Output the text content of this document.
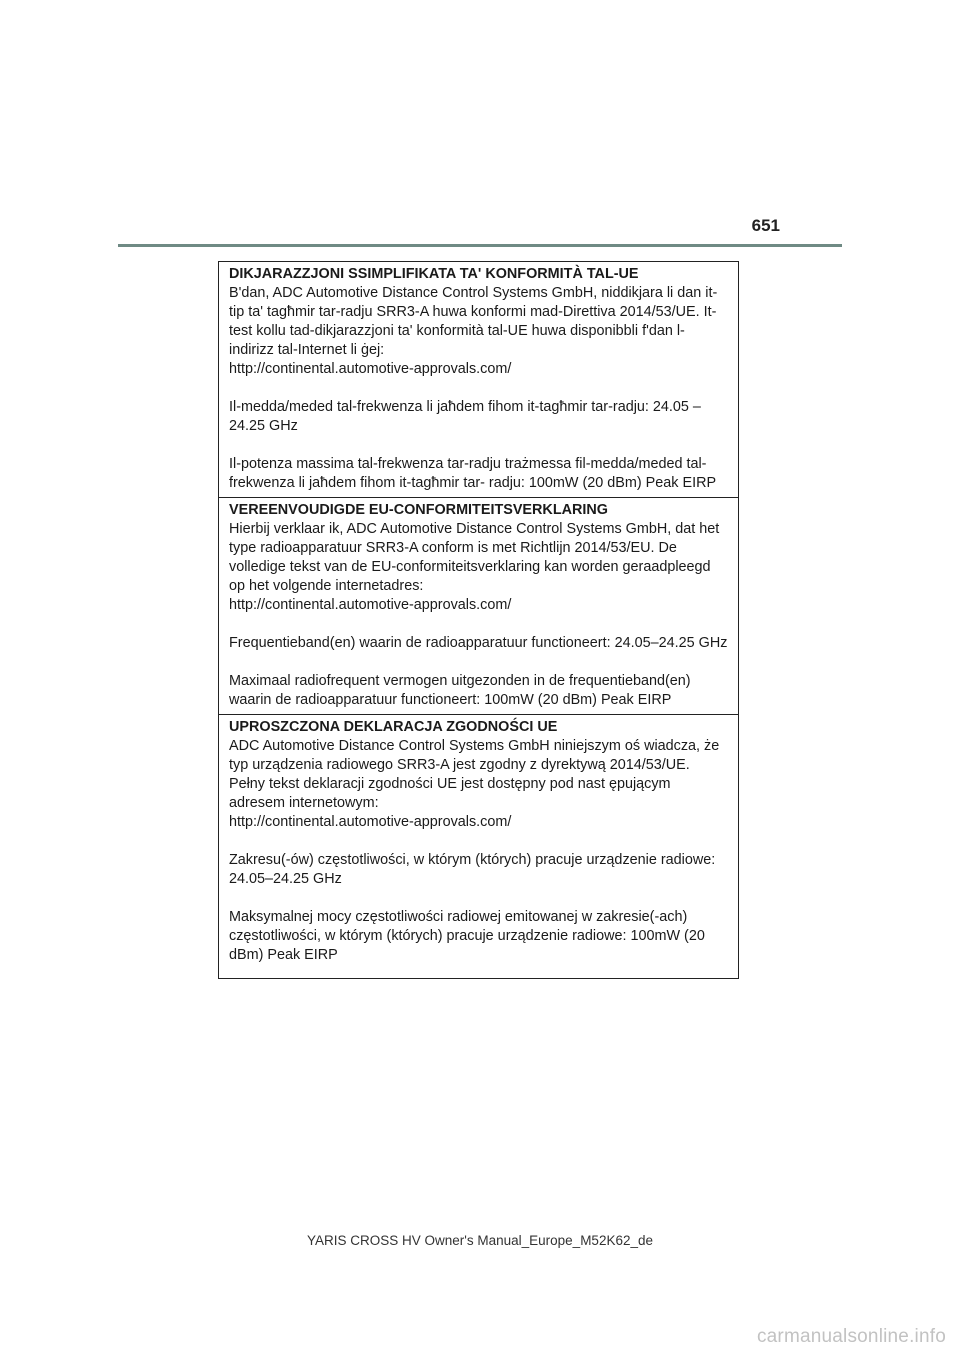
651

DIKJARAZZJONI SSIMPLIFIKATA TA' KONFORMITÀ TAL-UE

B'dan, ADC Automotive Distance Control Systems GmbH, niddikjara li dan it-tip ta' tagħmir tar-radju SRR3-A huwa konformi mad-Direttiva 2014/53/UE. It-test kollu tad-dikjarazzjoni ta' konformità tal-UE huwa disponibbli f'dan l-indirizz tal-Internet li ġej:

http://continental.automotive-approvals.com/

Il-medda/meded tal-frekwenza li jaħdem fihom it-tagħmir tar-radju: 24.05 –24.25 GHz

Il-potenza massima tal-frekwenza tar-radju trażmessa fil-medda/meded tal-frekwenza li jaħdem fihom it-tagħmir tar- radju: 100mW (20 dBm) Peak EIRP

VEREENVOUDIGDE EU-CONFORMITEITSVERKLARING

Hierbij verklaar ik, ADC Automotive Distance Control Systems GmbH, dat het type radioapparatuur SRR3-A conform is met Richtlijn 2014/53/EU. De volledige tekst van de EU-conformiteitsverklaring kan worden geraadpleegd op het volgende internetadres:

http://continental.automotive-approvals.com/

Frequentieband(en) waarin de radioapparatuur functioneert: 24.05–24.25 GHz

Maximaal radiofrequent vermogen uitgezonden in de frequentieband(en) waarin de radioapparatuur functioneert: 100mW (20 dBm) Peak EIRP

UPROSZCZONA DEKLARACJA ZGODNOŚCI UE

ADC Automotive Distance Control Systems GmbH niniejszym oś wiadcza, że typ urządzenia radiowego SRR3-A jest zgodny z dyrektywą 2014/53/UE. Pełny tekst deklaracji zgodności UE jest dostępny pod nast ępującym adresem internetowym:

http://continental.automotive-approvals.com/

Zakresu(-ów) częstotliwości, w którym (których) pracuje urządzenie radiowe: 24.05–24.25 GHz

Maksymalnej mocy częstotliwości radiowej emitowanej w zakresie(-ach) częstotliwości, w którym (których) pracuje urządzenie radiowe: 100mW (20 dBm) Peak EIRP

YARIS CROSS HV Owner's Manual_Europe_M52K62_de
carmanualsonline.info
